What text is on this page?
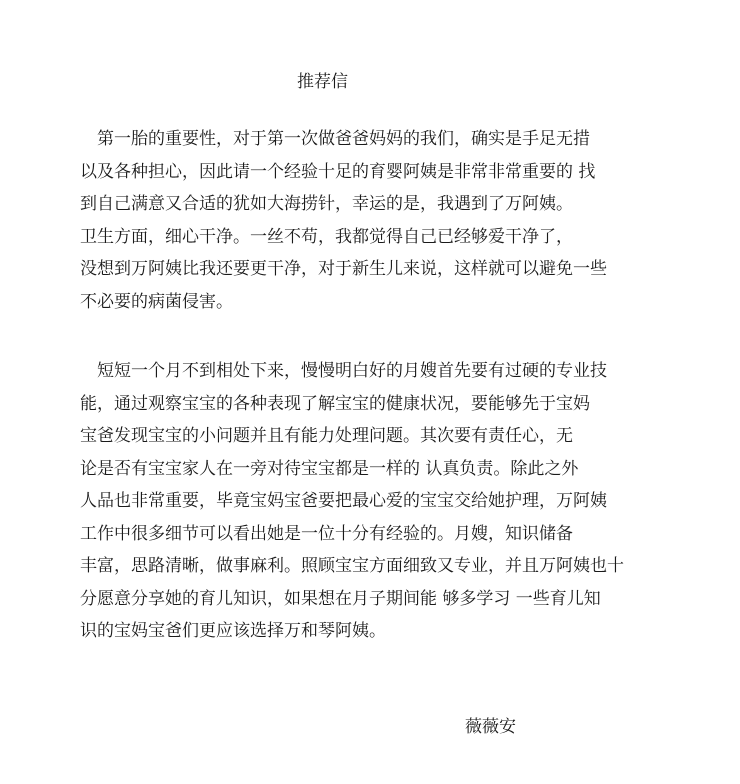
推荐信
　第一胎的重要性，对于第一次做爸爸妈妈的我们，确实是手足无措
以及各种担心，因此请一个经验十足的育婴阿姨是非常非常重要的 找
到自己满意又合适的犹如大海捞针，幸运的是，我遇到了万阿姨。
卫生方面，细心干净。一丝不苟，我都觉得自己已经够爱干净了，
没想到万阿姨比我还要更干净，对于新生儿来说，这样就可以避免一些
不必要的病菌侵害。
　短短一个月不到相处下来，慢慢明白好的月嫂首先要有过硬的专业技
能，通过观察宝宝的各种表现了解宝宝的健康状况，要能够先于宝妈
宝爸发现宝宝的小问题并且有能力处理问题。其次要有责任心，无
论是否有宝宝家人在一旁对待宝宝都是一样的 认真负责。除此之外
人品也非常重要，毕竟宝妈宝爸要把最心爱的宝宝交给她护理，万阿姨
工作中很多细节可以看出她是一位十分有经验的。月嫂，知识储备
丰富，思路清晰，做事麻利。照顾宝宝方面细致又专业，并且万阿姨也十
分愿意分享她的育儿知识，如果想在月子期间能 够多学习 一些育儿知
识的宝妈宝爸们更应该选择万和琴阿姨。
薇薇安
